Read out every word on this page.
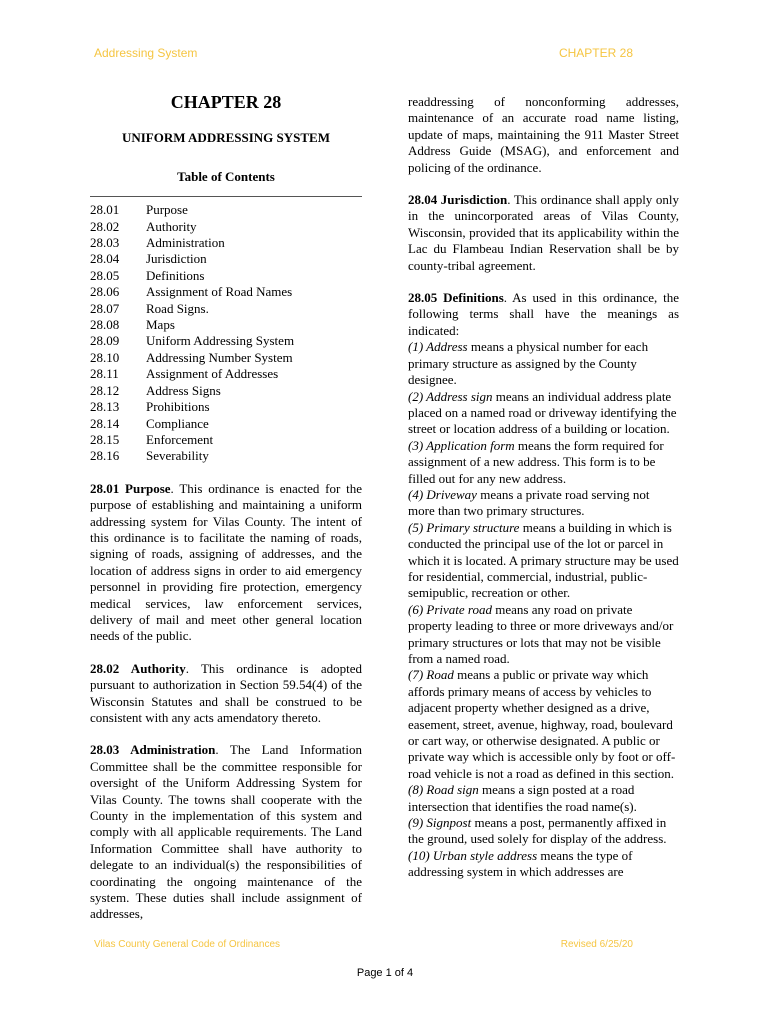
Addressing System	CHAPTER 28
CHAPTER 28
UNIFORM ADDRESSING SYSTEM
Table of Contents
28.01	Purpose
28.02	Authority
28.03	Administration
28.04	Jurisdiction
28.05	Definitions
28.06	Assignment of Road Names
28.07	Road Signs.
28.08	Maps
28.09	Uniform Addressing System
28.10	Addressing Number System
28.11	Assignment of Addresses
28.12	Address Signs
28.13	Prohibitions
28.14	Compliance
28.15	Enforcement
28.16	Severability

28.01 Purpose. This ordinance is enacted for the purpose of establishing and maintaining a uniform addressing system for Vilas County. The intent of this ordinance is to facilitate the naming of roads, signing of roads, assigning of addresses, and the location of address signs in order to aid emergency personnel in providing fire protection, emergency medical services, law enforcement services, delivery of mail and meet other general location needs of the public.

28.02 Authority. This ordinance is adopted pursuant to authorization in Section 59.54(4) of the Wisconsin Statutes and shall be construed to be consistent with any acts amendatory thereto.

28.03 Administration. The Land Information Committee shall be the committee responsible for oversight of the Uniform Addressing System for Vilas County. The towns shall cooperate with the County in the implementation of this system and comply with all applicable requirements. The Land Information Committee shall have authority to delegate to an individual(s) the responsibilities of coordinating the ongoing maintenance of the system. These duties shall include assignment of addresses,

readdressing of nonconforming addresses, maintenance of an accurate road name listing, update of maps, maintaining the 911 Master Street Address Guide (MSAG), and enforcement and policing of the ordinance.

28.04 Jurisdiction. This ordinance shall apply only in the unincorporated areas of Vilas County, Wisconsin, provided that its applicability within the Lac du Flambeau Indian Reservation shall be by county-tribal agreement.

28.05 Definitions. As used in this ordinance, the following terms shall have the meanings as indicated:

(1) Address means a physical number for each primary structure as assigned by the County designee.

(2) Address sign means an individual address plate placed on a named road or driveway identifying the street or location address of a building or location.

(3) Application form means the form required for assignment of a new address. This form is to be filled out for any new address.

(4) Driveway means a private road serving not more than two primary structures.

(5) Primary structure means a building in which is conducted the principal use of the lot or parcel in which it is located. A primary structure may be used for residential, commercial, industrial, public-semipublic, recreation or other.

(6) Private road means any road on private property leading to three or more driveways and/or primary structures or lots that may not be visible from a named road.

(7) Road means a public or private way which affords primary means of access by vehicles to adjacent property whether designed as a drive, easement, street, avenue, highway, road, boulevard or cart way, or otherwise designated. A public or private way which is accessible only by foot or off-road vehicle is not a road as defined in this section.

(8) Road sign means a sign posted at a road intersection that identifies the road name(s).

(9) Signpost means a post, permanently affixed in the ground, used solely for display of the address.

(10) Urban style address means the type of addressing system in which addresses are

Vilas County General Code of Ordinances	Revised 6/25/20
Page 1 of 4
